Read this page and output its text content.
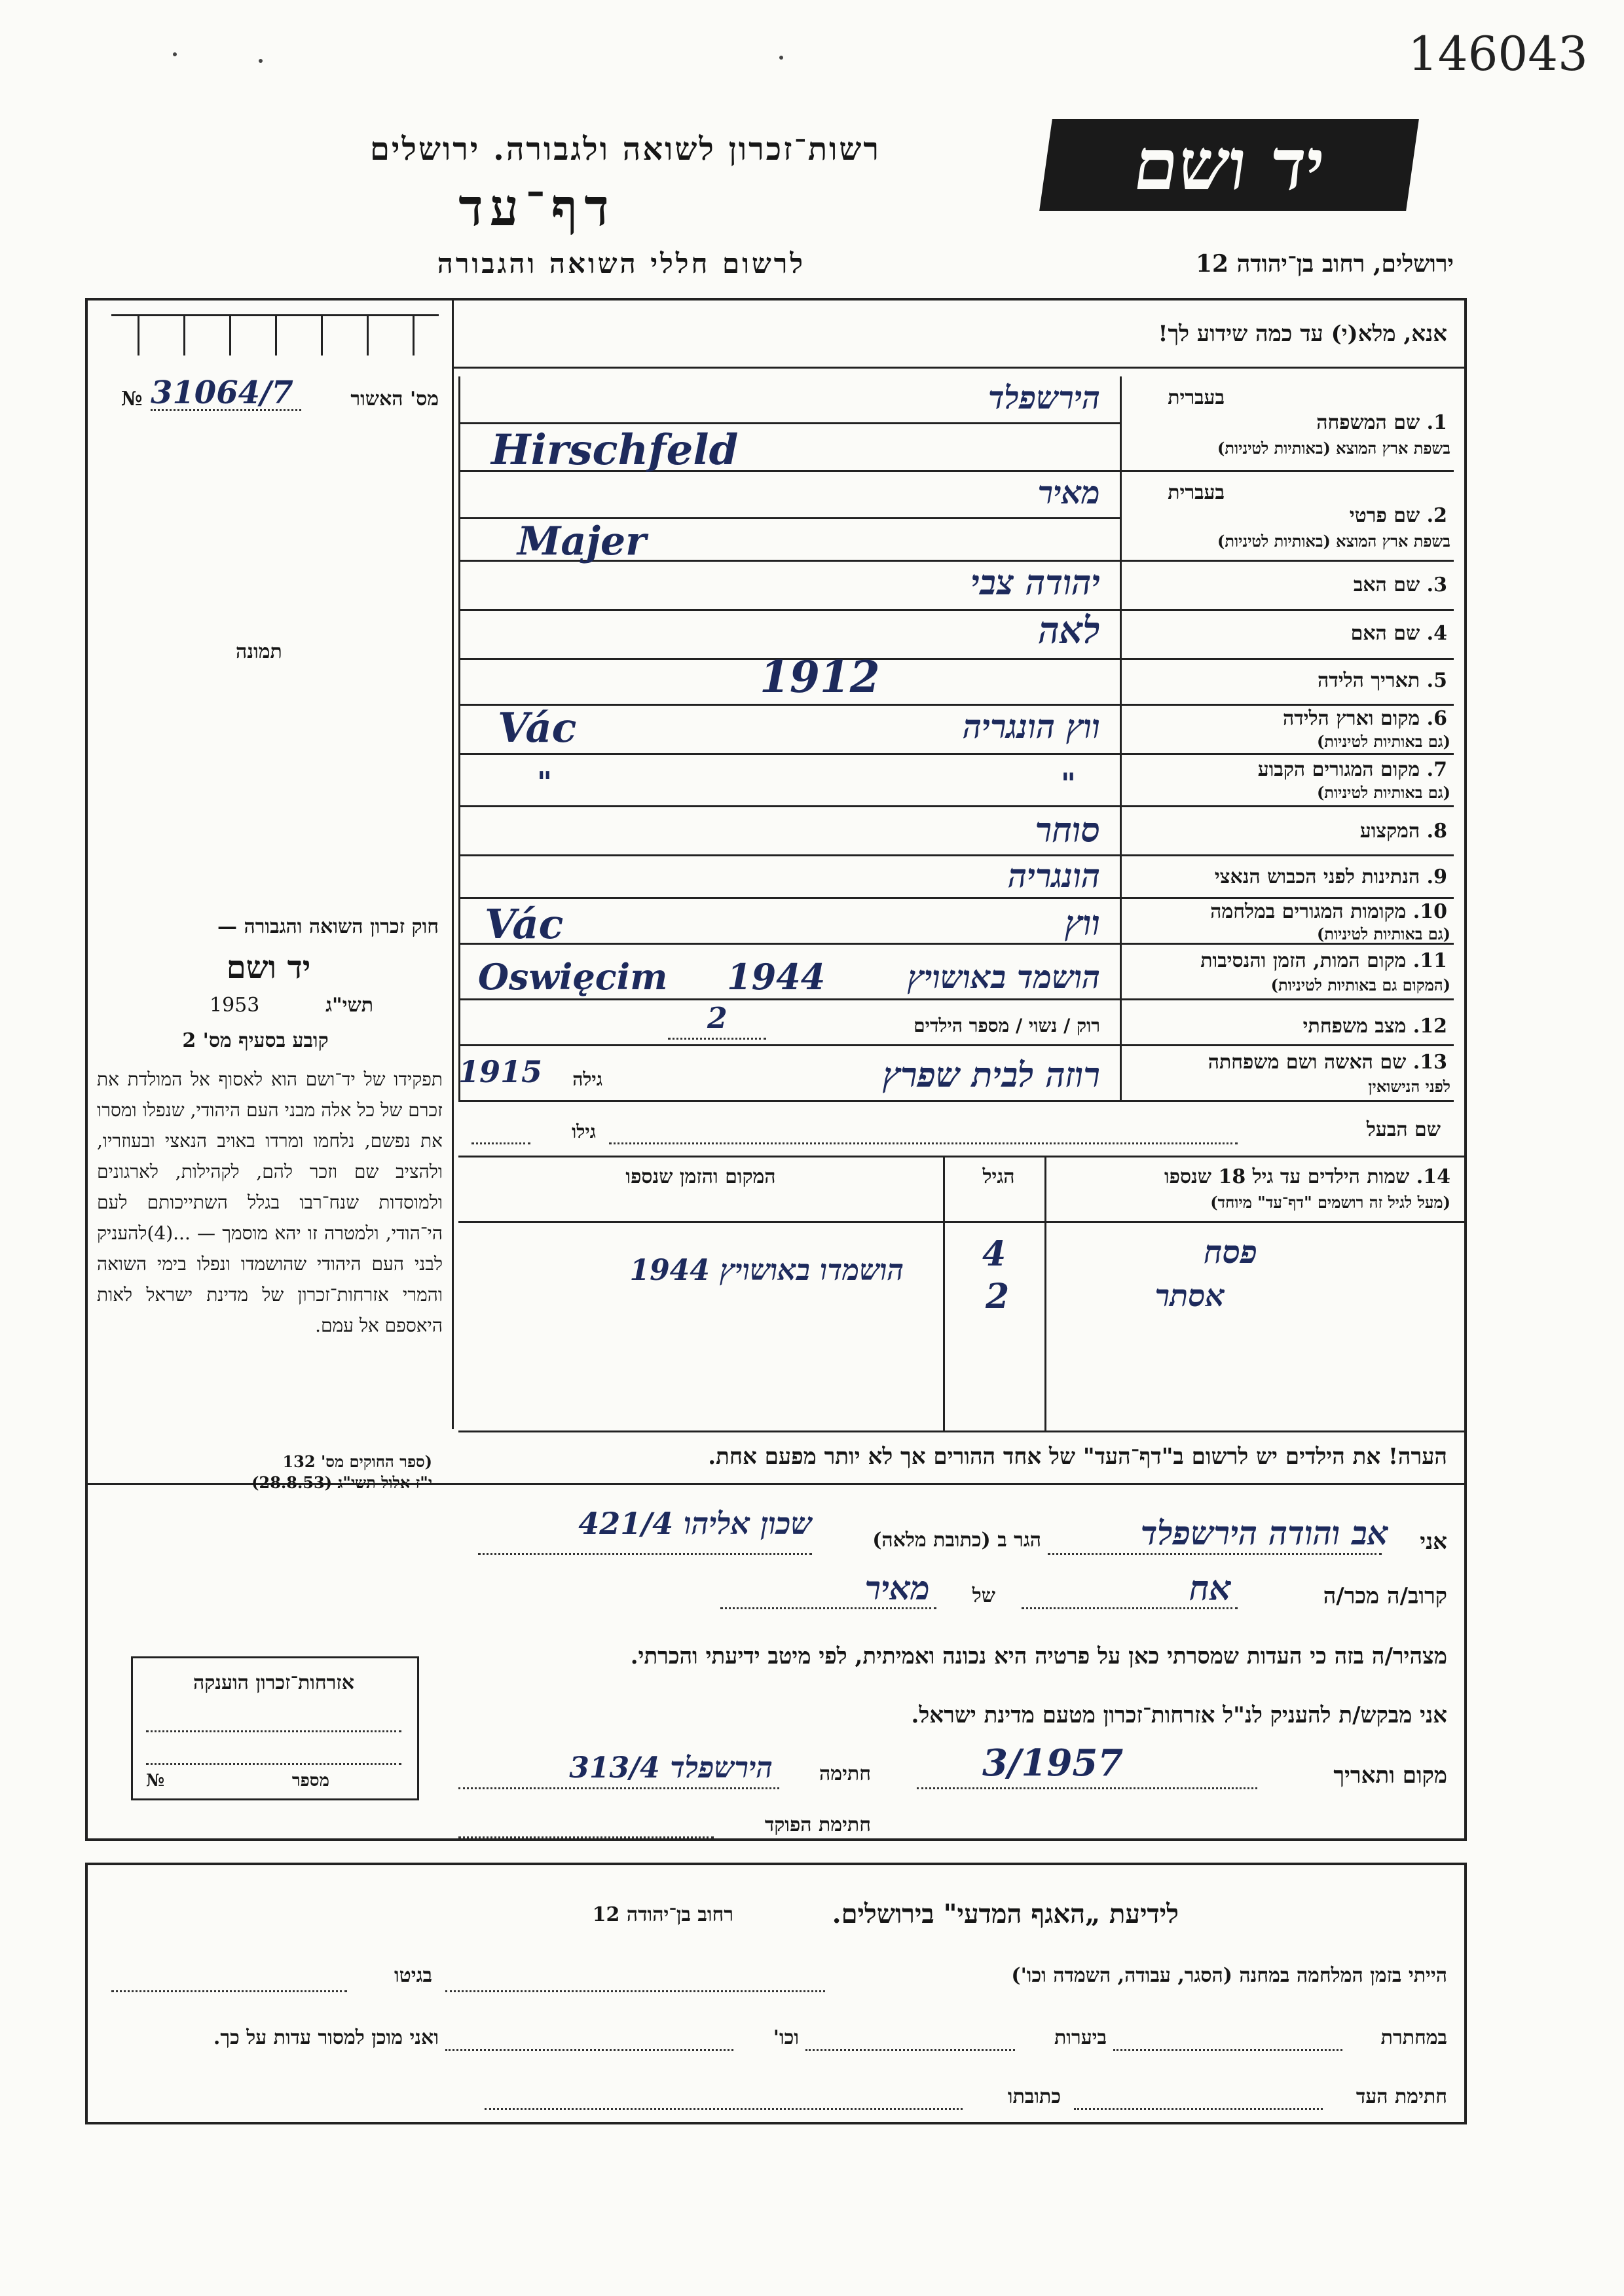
146043
רשות־זכרון לשואה ולגבורה. ירושלים	יד ושם
דף־עד
לרשום חללי השואה והגבורה	ירושלים, רחוב בן־יהודה 12
מס' האשור
№ 31064/7
תמונה
אנא, מלא(י) עד כמה שידוע לך!
בעברית
1. שם המשפחה
בשפת ארץ המוצא (באותיות לטיניות)
הירשפלד
Hirschfeld
בעברית
2. שם פרטי
בשפת ארץ המוצא (באותיות לטיניות)
מאיר
Majer
3. שם האב
יהודה צבי
4. שם האם
לאה
5. תאריך הלידה
1912
6. מקום וארץ הלידה
(גם באותיות לטיניות)
ווץ הונגריה
Vác
7. מקום המגורים הקבוע
(גם באותיות לטיניות)
"	"
8. המקצוע
סוחר
9. הנתינות לפני הכבוש הנאצי
הונגריה
10. מקומות המגורים במלחמה
(גם באותיות לטיניות)
Vác	ווץ
11. מקום המות, הזמן והנסיבות
(המקום גם באותיות לטיניות)
Oswięcim 1944	הושמד באושויץ
12. מצב משפחתי
רוק / נשוי / מספר הילדים
2
13. שם האשה ושם משפחתה
לפני הנישואין
רוזה לבית שפרץ
גילה
1915
שם הבעל
גילו
14. שמות הילדים עד גיל 18 שנספו
(מעל לגיל זה רושמים "דף־עד" מיוחד)
הגיל
המקום והזמן שנספו
פסח
4
הושמדו באושויץ 1944
אסתר
2
הערה! את הילדים יש לרשום ב"דף־העד" של אחד ההורים אך לא יותר מפעם אחת.
חוק זכרון השואה והגבורה —
יד ושם
1953	תשי"ג
קובע בסעיף מס' 2
תפקידו של יד־ושם הוא לאסוף אל המולדת את זכרם של כל אלה מבני העם היהודי, שנפלו ומסרו את נפשם, נלחמו ומרדו באויב הנאצי ובעוזריו, ולהציב שם וזכר להם, לקהילות, לארגונים ולמוסדות שנח־רבו בגלל השתייכותם לעם הי־הודי, ולמטרה זו יהא מוסמך — ...(4)להעניק לבני העם היהודי שהושמדו ונפלו בימי השואה והמרי אזרחות־זכרון של מדינת ישראל לאות היאספם אל עמם.
(ספר החוקים מס' 132
י"ז אלול תשי"ג (28.8.53)
אני
אב והודה הירשפלד
הגר ב (כתובת מלאה)
שכון אליהו 421/4
קרוב/ה מכר/ה
אח
של
מאיר
מצהיר/ה בזה כי העדות שמסרתי כאן על פרטיה היא נכונה ואמיתית, לפי מיטב ידיעתי והכרתי.
אני מבקש/ת להעניק לנ"ל אזרחות־זכרון מטעם מדינת ישראל.
מקום ותאריך
3/1957
חתימה
הירשפלד 313/4
חתימת הפוקד
אזרחות־זכרון הוענקה
№	מספר
לידיעת „האגף המדעי" בירושלים.
רחוב בן־יהודה 12
הייתי בזמן המלחמה במחנה (הסגר, עבודה, השמדה וכו')
בגיטו
במחתרת
ביערות
וכו'
ואני מוכן למסור עדות על כך.
חתימת העד
כתובתו
